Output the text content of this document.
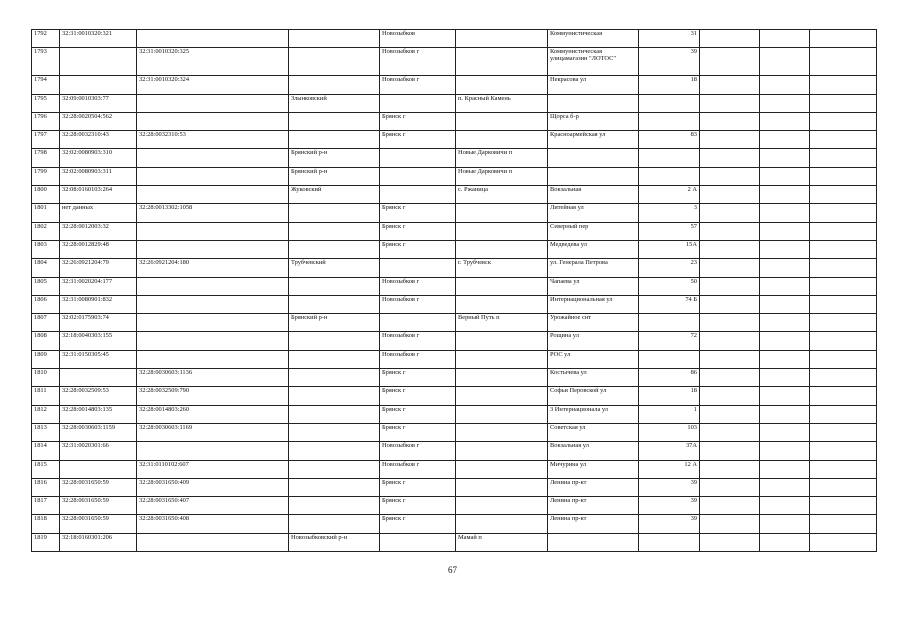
1792	32:31:0010320:321			Новозыбков		Коммунистическая	31			
1793		32:31:0010320:325		Новозыбков г		Коммунистическая улицамагазин "ЛОТОС"	39			
1794		32:31:0010320:324		Новозыбков г		Некрасова ул	18			
1795	32:09:0010303:77		Злынковский		п. Красный Камень					
1796	32:28:0020504:562			Брянск г		Щорса б-р				
1797	32:28:0032310:43	32:28:0032310:53		Брянск г		Красноармейская ул	83			
1798	32:02:0080903:310		Брянский р-н		Новые Дарковичи п					
1799	32:02:0080903:311		Брянский р-н		Новые Дарковичи п					
1800	32:08:0160103:264		Жуковский		с. Ржаница	Вокзальная	2 А			
1801	нет данных	32:28:0013302:1058		Брянск г		Литейная ул	3			
1802	32:28:0012003:32			Брянск г		Северный пер	57			
1803	32:28:0012829:48			Брянск г		Медведева ул	15А			
1804	32:26:0921204:79	32:26:0921204:180	Трубчевский		г. Трубчевск	ул. Генерала Петрова	23			
1805	32:31:0020204:177			Новозыбков г		Чапаева ул	50			
1806	32:31:0080901:832			Новозыбков г		Интернациональная ул	74 Б			
1807	32:02:0175903:74		Брянский р-н		Верный Путь п	Урожайное снт				
1808	32:18:0040303:155			Новозыбков г		Рощина ул	72			
1809	32:31:0150305:45			Новозыбков г		РОС ул				
1810		32:28:0030603:1136		Брянск г		Костычева ул	86			
1811	32:28:0032509:53	32:28:0032509:790		Брянск г		Софьи Перовской ул	18			
1812	32:28:0014803:135	32:28:0014803:260		Брянск г		3 Интернационала ул	1			
1813	32:28:0030603:1159	32:28:0030603:1169		Брянск г		Советская ул	103			
1814	32:31:0020301:66			Новозыбков г		Вокзальная ул	37А			
1815		32:31:0110102:607		Новозыбков г		Мичурина ул	12 А			
1816	32:28:0031650:59	32:28:0031650:409		Брянск г		Ленина пр-кт	39			
1817	32:28:0031650:59	32:28:0031650:407		Брянск г		Ленина пр-кт	39			
1818	32:28:0031650:59	32:28:0031650:408		Брянск г		Ленина пр-кт	39			
1819	32:18:0160301:206		Новозыбковский р-н		Мамай п					
67
